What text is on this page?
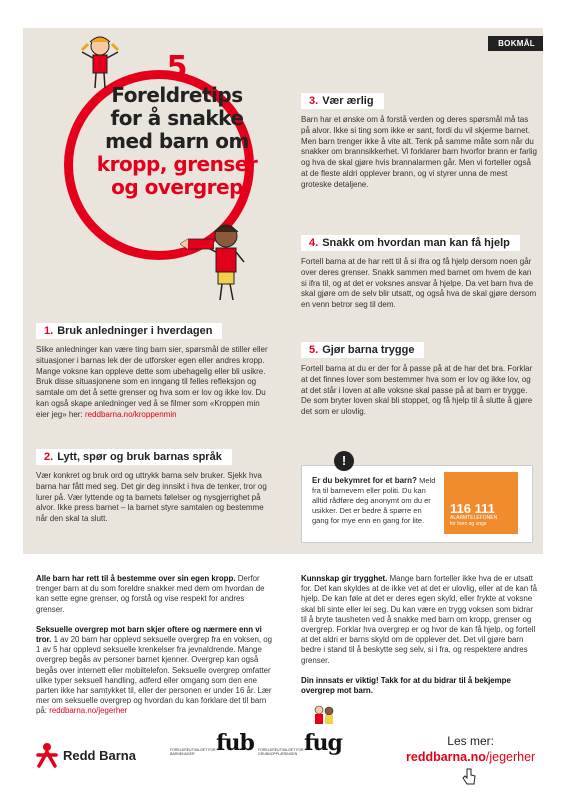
BOKMÅL
5
Foreldretips
for å snakke
med barn om
kropp, grenser
og overgrep
1. Bruk anledninger i hverdagen
Slike anledninger kan være ting barn sier, spørsmål de stiller eller situasjoner i barnas lek der de utforsker egen eller andres kropp. Mange voksne kan oppleve dette som ubehagelig eller bli usikre. Bruk disse situasjonene som en inngang til felles refleksjon og samtale om det å sette grenser og hva som er lov og ikke lov. Du kan også skape anledninger ved å se filmer som «Kroppen min eier jeg» her: reddbarna.no/kroppenmin
2. Lytt, spør og bruk barnas språk
Vær konkret og bruk ord og uttrykk barna selv bruker. Sjekk hva barna har fått med seg. Det gir deg innsikt i hva de tenker, tror og lurer på. Vær lyttende og ta barnets følelser og nysgjerrighet på alvor. Ikke press barnet – la barnet styre samtalen og bestemme når den skal ta slutt.
3. Vær ærlig
Barn har et ønske om å forstå verden og deres spørsmål må tas på alvor. Ikke si ting som ikke er sant, fordi du vil skjerme barnet. Men barn trenger ikke å vite alt. Tenk på samme måte som når du snakker om brannsikkerhet. Vi forklarer barn hvorfor brann er farlig og hva de skal gjøre hvis brannalarmen går. Men vi forteller også at de fleste aldri opplever brann, og vi styrer unna de mest groteske detaljene.
4. Snakk om hvordan man kan få hjelp
Fortell barna at de har rett til å si ifra og få hjelp dersom noen går over deres grenser. Snakk sammen med barnet om hvem de kan si ifra til, og at det er voksnes ansvar å hjelpe. Da vet barn hva de skal gjøre om de selv blir utsatt, og også hva de skal gjøre dersom en venn betror seg til dem.
5. Gjør barna trygge
Fortell barna at du er der for å passe på at de har det bra. Forklar at det finnes lover som bestemmer hva som er lov og ikke lov, og at det står i loven at alle voksne skal passe på at barn er trygge. De som bryter loven skal bli stoppet, og få hjelp til å slutte å gjøre det som er ulovlig.
Er du bekymret for et barn? Meld fra til barnevern eller politi. Du kan alltid rådføre deg anonymt om du er usikker. Det er bedre å spørre en gang for mye enn en gang for lite.
!
116 111
ALARMTELEFONEN
for barn og unge

Alle barn har rett til å bestemme over sin egen kropp. Derfor trenger barn at du som foreldre snakker med dem om hvordan de kan sette egne grenser, og forstå og vise respekt for andres grenser.

Seksuelle overgrep mot barn skjer oftere og nærmere enn vi tror. 1 av 20 barn har opplevd seksuelle overgrep fra en voksen, og 1 av 5 har opplevd seksuelle krenkelser fra jevnaldrende. Mange overgrep begås av personer barnet kjenner. Overgrep kan også begås over internett eller mobiltelefon. Seksuelle overgrep omfatter ulike typer seksuell handling, adferd eller omgang som den ene parten ikke har samtykket til, eller der personen er under 16 år. Lær mer om seksuelle overgrep og hvordan du kan forklare det til barn på: reddbarna.no/jegerher

Kunnskap gir trygghet. Mange barn forteller ikke hva de er utsatt for. Det kan skyldes at de ikke vet at det er ulovlig, eller at de kan få hjelp. De kan føle at det er deres egen skyld, eller frykte at voksne skal bli sinte eller lei seg. Du kan være en trygg voksen som bidrar til å bryte tausheten ved å snakke med barn om kropp, grenser og overgrep. Forklar hva overgrep er og hvor de kan få hjelp, og fortell at det aldri er barns skyld om de opplever det. Det vil gjøre barn bedre i stand til å beskytte seg selv, si i fra, og respektere andres grenser.

Din innsats er viktig! Takk for at du bidrar til å bekjempe overgrep mot barn.

Redd Barna	FORELDREUTVALGET FOR BARNEHAGER fub FORELDREUTVALGET FOR GRUNNOPPLÆRINGEN fug	Les mer:
reddbarna.no/jegerher
